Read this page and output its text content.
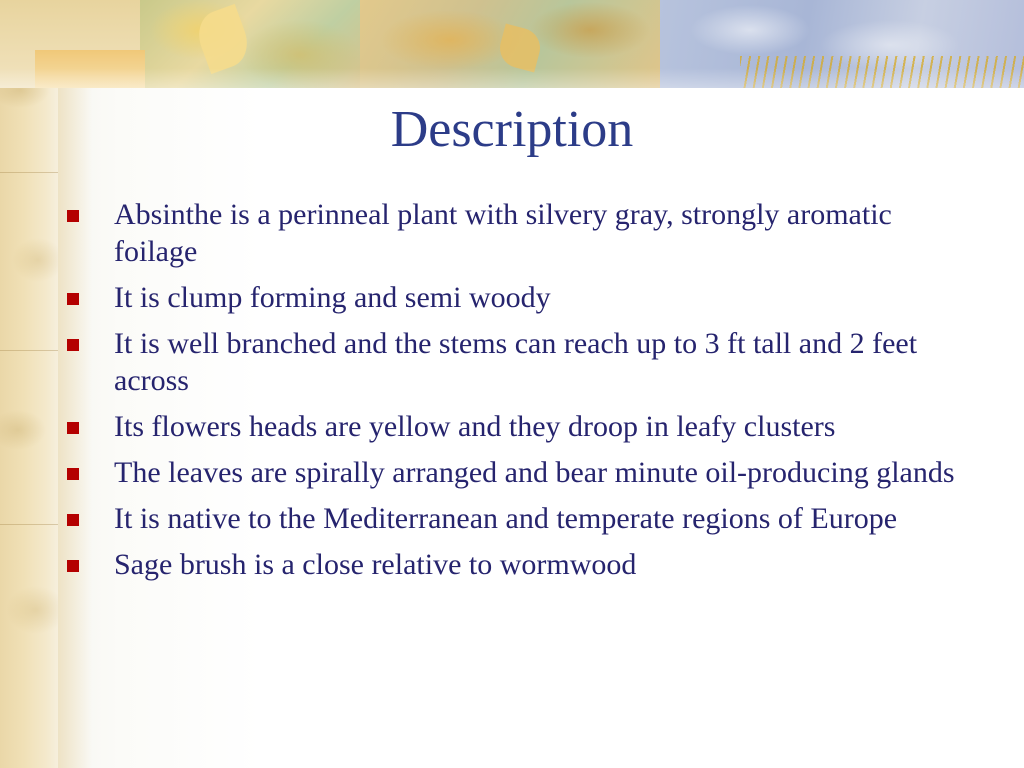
Description
Absinthe is a perinneal plant with silvery gray, strongly aromatic foilage
It is clump forming and semi woody
It is well branched and the stems can reach up to 3 ft tall and 2 feet across
Its flowers heads are yellow and they droop in leafy clusters
The leaves are spirally arranged and bear minute oil-producing glands
It is native to the Mediterranean and temperate regions of Europe
Sage brush is a close relative to wormwood
